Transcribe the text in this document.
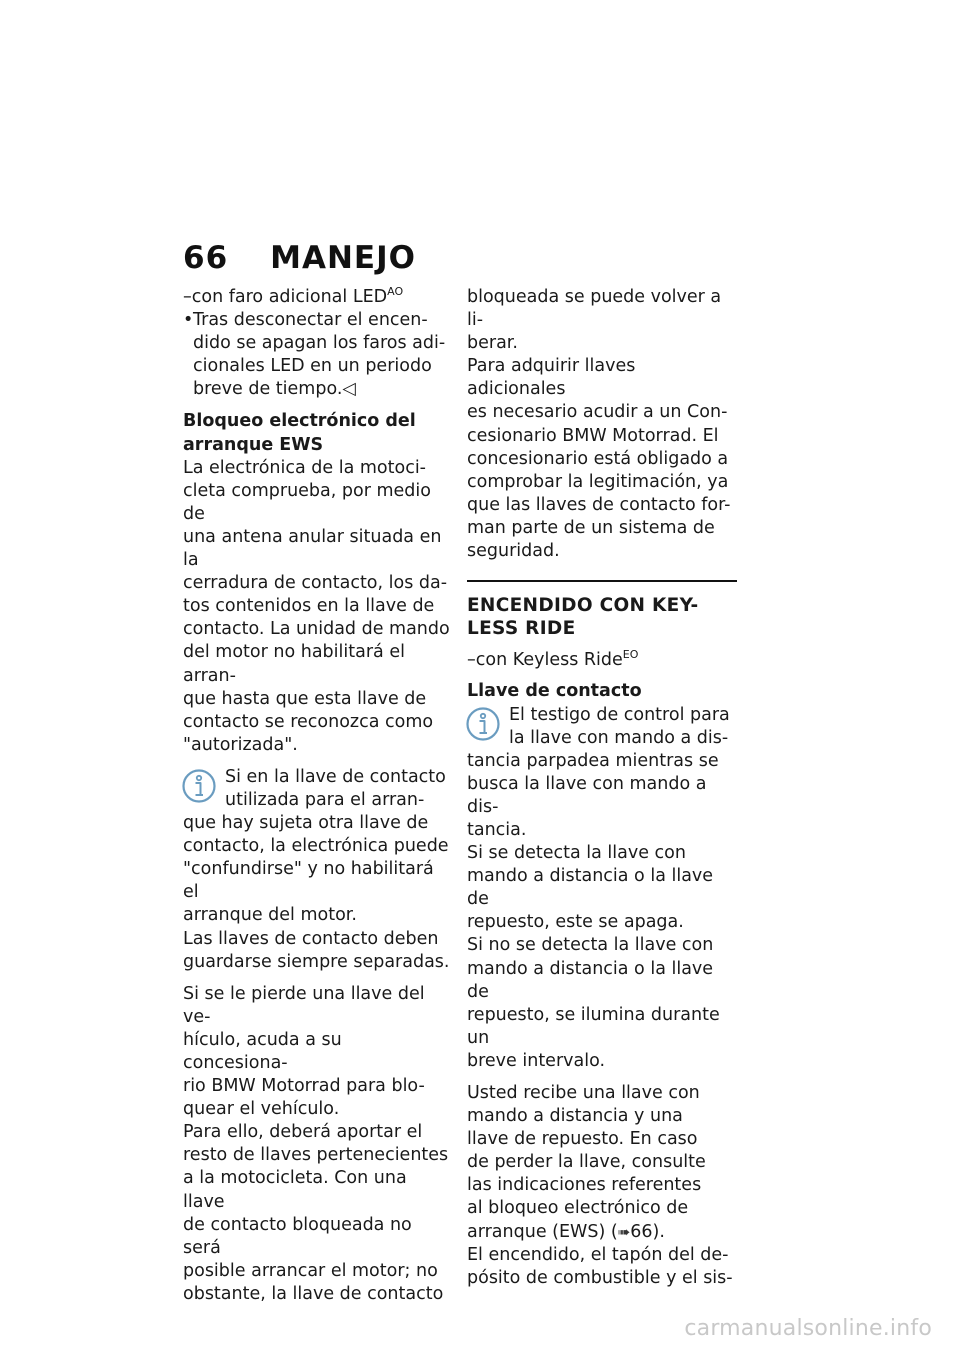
66 MANEJO
–con faro adicional $LED^{AO}$
• Tras desconectar el encen-
dido se apagan los faros adi-
cionales LED en un periodo
breve de tiempo.◁
Bloqueo electrónico del
arranque EWS
La electrónica de la motoci-
cleta comprueba, por medio de
una antena anular situada en la
cerradura de contacto, los da-
tos contenidos en la llave de
contacto. La unidad de mando
del motor no habilitará el arran-
que hasta que esta llave de
contacto se reconozca como
"autorizada".
Si en la llave de contacto
utilizada para el arran-
que hay sujeta otra llave de
contacto, la electrónica puede
"confundirse" y no habilitará el
arranque del motor.
Las llaves de contacto deben
guardarse siempre separadas.
Si se le pierde una llave del ve-
hículo, acuda a su concesiona-
rio BMW Motorrad para blo-
quear el vehículo.
Para ello, deberá aportar el
resto de llaves pertenecientes
a la motocicleta. Con una llave
de contacto bloqueada no será
posible arrancar el motor; no
obstante, la llave de contacto
bloqueada se puede volver a li-
berar.
Para adquirir llaves adicionales
es necesario acudir a un Con-
cesionario BMW Motorrad. El
concesionario está obligado a
comprobar la legitimación, ya
que las llaves de contacto for-
man parte de un sistema de
seguridad.
ENCENDIDO CON KEY-
LESS RIDE
–con Keyless Ride$^{EO}$
Llave de contacto
El testigo de control para
la llave con mando a dis-
tancia parpadea mientras se
busca la llave con mando a dis-
tancia.
Si se detecta la llave con
mando a distancia o la llave de
repuesto, este se apaga.
Si no se detecta la llave con
mando a distancia o la llave de
repuesto, se ilumina durante un
breve intervalo.
Usted recibe una llave con
mando a distancia y una
llave de repuesto. En caso
de perder la llave, consulte
las indicaciones referentes
al bloqueo electrónico de
arranque (EWS) (➠66).
El encendido, el tapón del de-
pósito de combustible y el sis-
carmanualsonline.info
